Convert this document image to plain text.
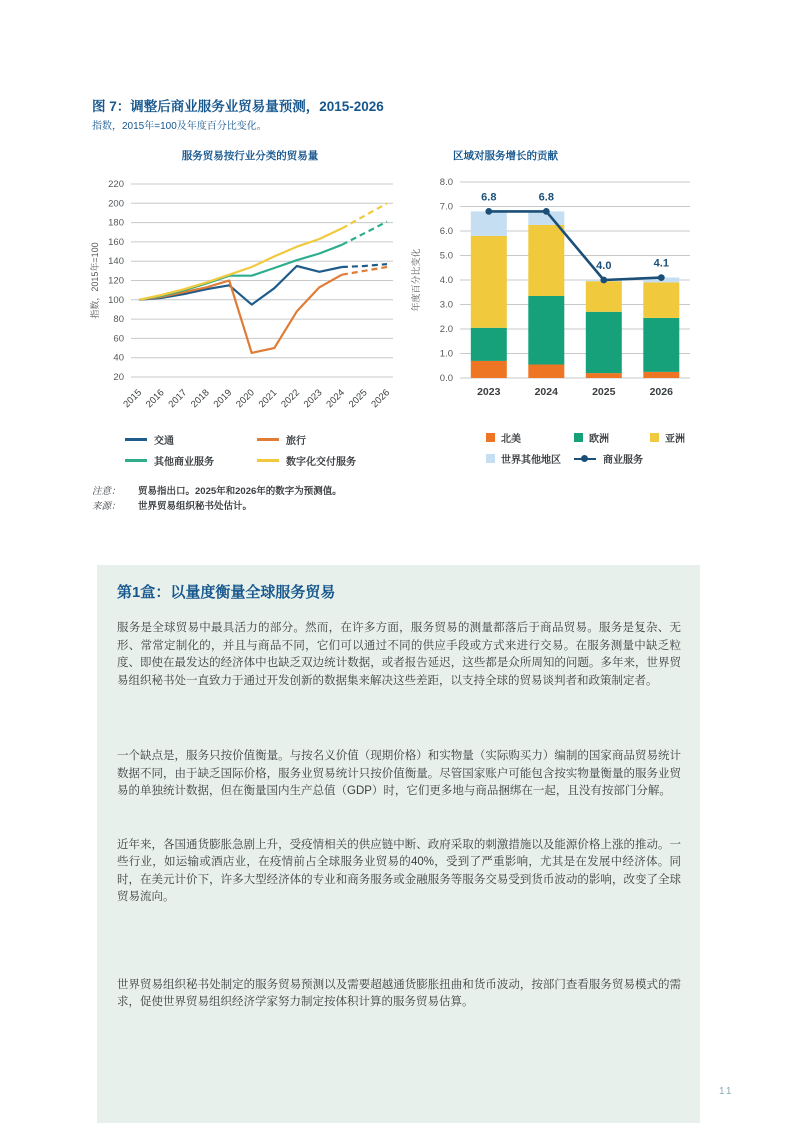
图 7：调整后商业服务业贸易量预测，2015-2026
指数，2015年=100及年度百分比变化。
服务贸易按行业分类的贸易量	区域对服务增长的贡献
20
40
60
80
100
120
140
160
180
200
220
2015 2016 2017 2018 2019 2020 2021 2022 2023 2024 2025 2026
指数，2015年=100
0.0
1.0
2.0
3.0
4.0
5.0
6.0
7.0
8.0
2023	2024	2025	2026
6.8	6.8
4.0	4.1
年度百分比变化
交通	旅行
其他商业服务	数字化交付服务
北美	欧洲	亚洲
世界其他地区	商业服务
注意： 贸易指出口。2025年和2026年的数字为预测值。
来源： 世界贸易组织秘书处估计。
第1盒：以量度衡量全球服务贸易

服务是全球贸易中最具活力的部分。然而，在许多方面，服务贸易的测量都落后于商品贸易。服务是复杂、无形、常常定制化的，并且与商品不同，它们可以通过不同的供应手段或方式来进行交易。在服务测量中缺乏粒度、即使在最发达的经济体中也缺乏双边统计数据，或者报告延迟，这些都是众所周知的问题。多年来，世界贸易组织秘书处一直致力于通过开发创新的数据集来解决这些差距，以支持全球的贸易谈判者和政策制定者。

一个缺点是，服务只按价值衡量。与按名义价值（现期价格）和实物量（实际购买力）编制的国家商品贸易统计数据不同，由于缺乏国际价格，服务业贸易统计只按价值衡量。尽管国家账户可能包含按实物量衡量的服务业贸易的单独统计数据，但在衡量国内生产总值（GDP）时，它们更多地与商品捆绑在一起，且没有按部门分解。

近年来，各国通货膨胀急剧上升，受疫情相关的供应链中断、政府采取的刺激措施以及能源价格上涨的推动。一些行业，如运输或酒店业，在疫情前占全球服务业贸易的40%，受到了严重影响，尤其是在发展中经济体。同时，在美元计价下，许多大型经济体的专业和商务服务或金融服务等服务交易受到货币波动的影响，改变了全球贸易流向。

世界贸易组织秘书处制定的服务贸易预测以及需要超越通货膨胀扭曲和货币波动，按部门查看服务贸易模式的需求，促使世界贸易组织经济学家努力制定按体积计算的服务贸易估算。

11
